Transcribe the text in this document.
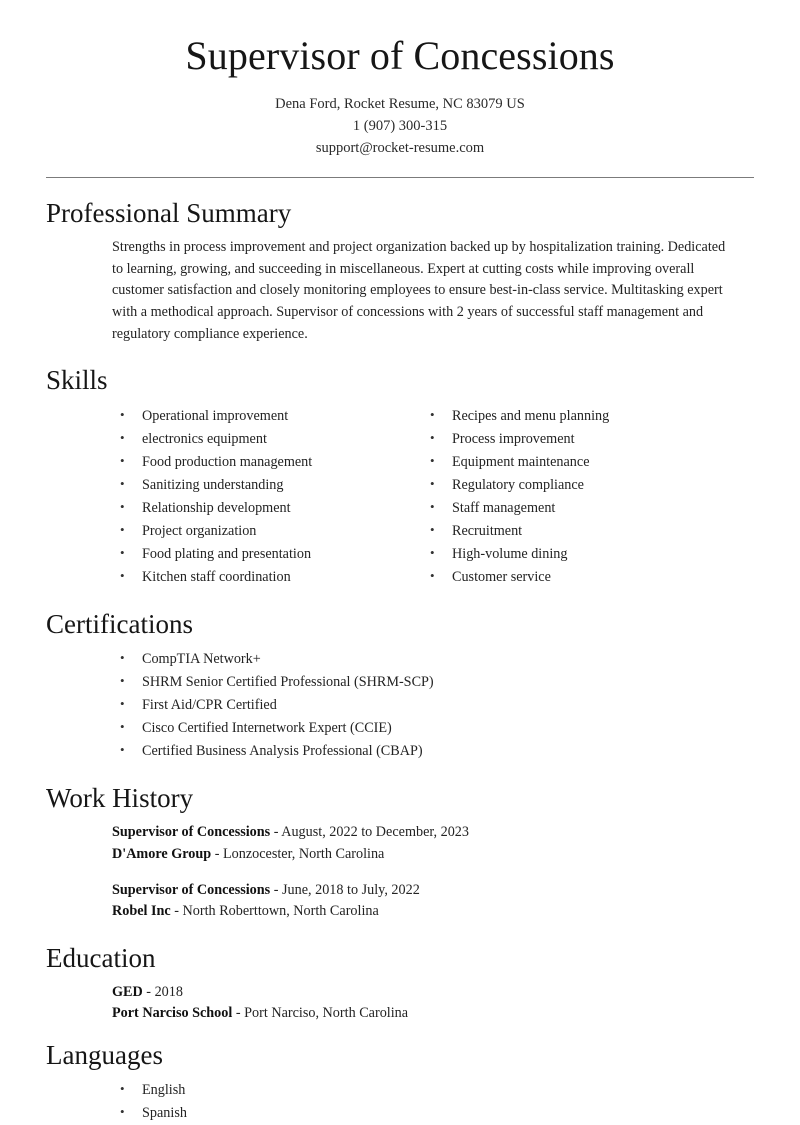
Supervisor of Concessions
Dena Ford, Rocket Resume, NC 83079 US
1 (907) 300-315
support@rocket-resume.com
Professional Summary

Strengths in process improvement and project organization backed up by hospitalization training. Dedicated to learning, growing, and succeeding in miscellaneous. Expert at cutting costs while improving overall customer satisfaction and closely monitoring employees to ensure best-in-class service. Multitasking expert with a methodical approach. Supervisor of concessions with 2 years of successful staff management and regulatory compliance experience.

Skills
• Operational improvement
• electronics equipment
• Food production management
• Sanitizing understanding
• Relationship development
• Project organization
• Food plating and presentation
• Kitchen staff coordination
• Recipes and menu planning
• Process improvement
• Equipment maintenance
• Regulatory compliance
• Staff management
• Recruitment
• High-volume dining
• Customer service
Certifications
• CompTIA Network+
• SHRM Senior Certified Professional (SHRM-SCP)
• First Aid/CPR Certified
• Cisco Certified Internetwork Expert (CCIE)
• Certified Business Analysis Professional (CBAP)
Work History
Supervisor of Concessions - August, 2022 to December, 2023
D'Amore Group - Lonzocester, North Carolina
Supervisor of Concessions - June, 2018 to July, 2022
Robel Inc - North Roberttown, North Carolina
Education
GED - 2018
Port Narciso School - Port Narciso, North Carolina
Languages
• English
• Spanish
